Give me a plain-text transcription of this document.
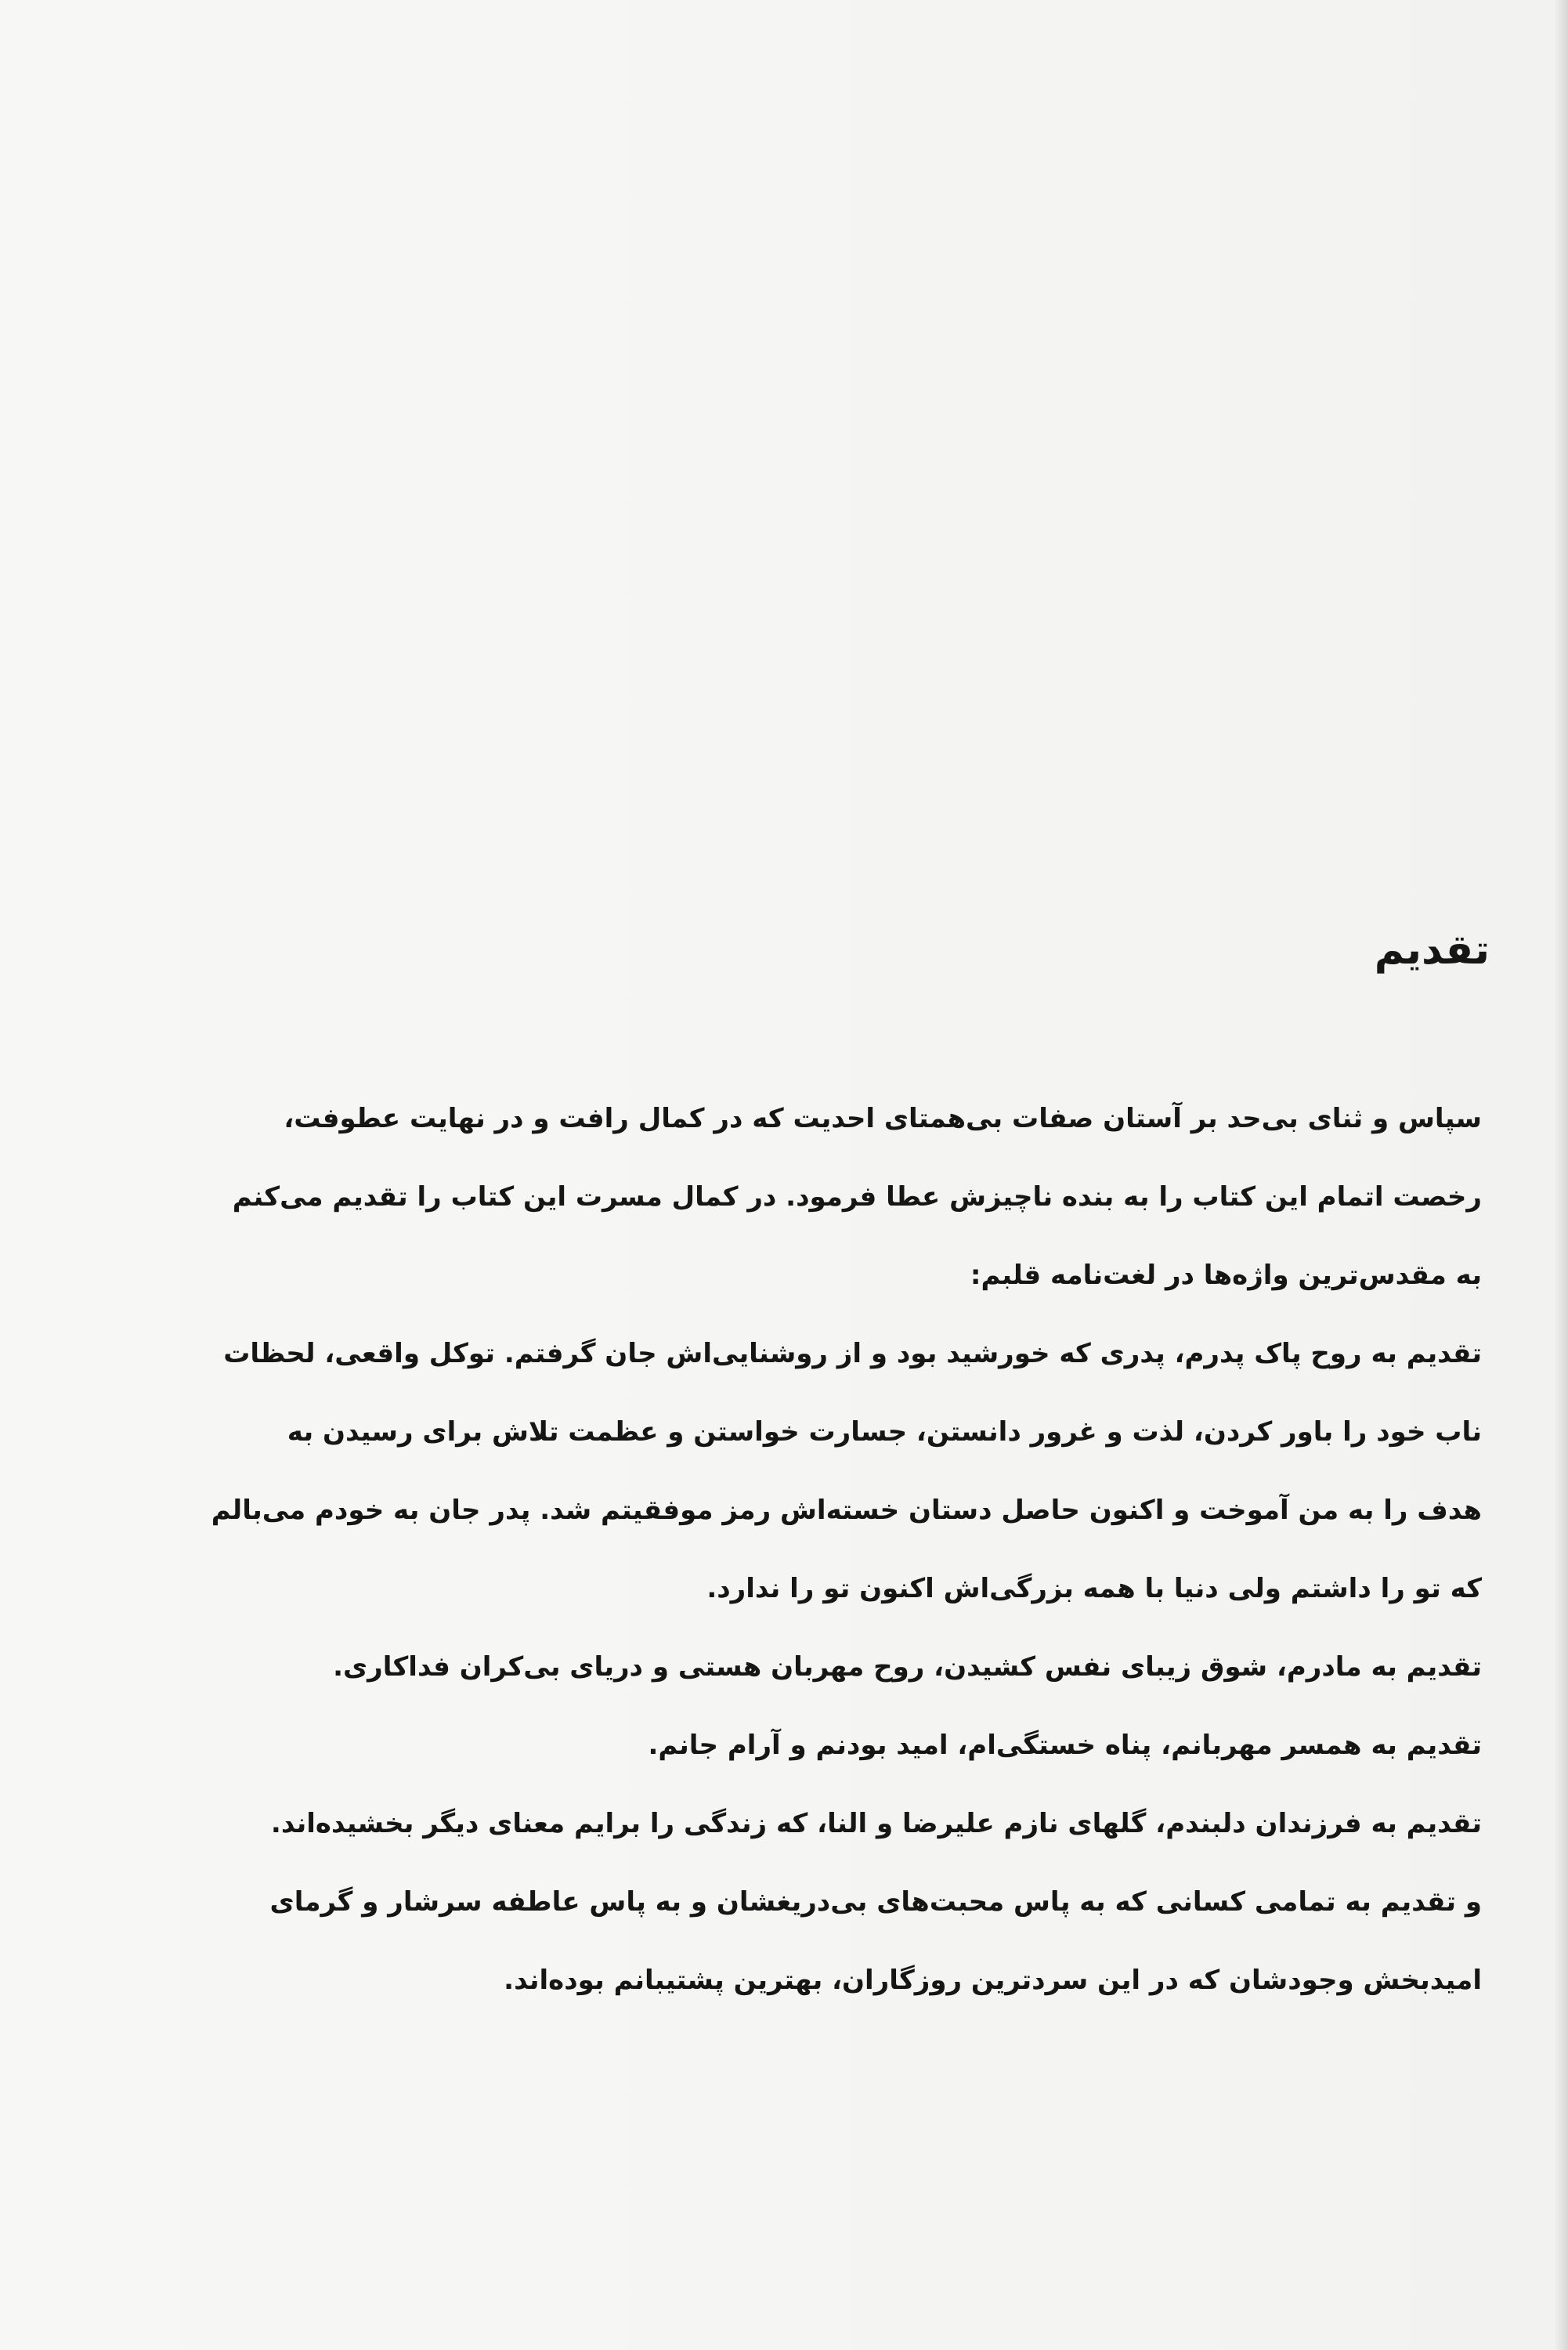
تقدیم
سپاس و ثنای بی‌حد بر آستان صفات بی‌همتای احدیت که در کمال رافت و در نهایت عطوفت،
رخصت اتمام این کتاب را به بنده ناچیزش عطا فرمود. در کمال مسرت این کتاب را تقدیم می‌کنم
به مقدس‌ترین واژه‌ها در لغت‌نامه قلبم:
تقدیم به روح پاک پدرم، پدری که خورشید بود و از روشنایی‌اش جان گرفتم. توکل واقعی، لحظات
ناب خود را باور کردن، لذت و غرور دانستن، جسارت خواستن و عظمت تلاش برای رسیدن به
هدف را به من آموخت و اکنون حاصل دستان خسته‌اش رمز موفقیتم شد. پدر جان به خودم می‌بالم
که تو را داشتم ولی دنیا با همه بزرگی‌اش اکنون تو را ندارد.
تقدیم به مادرم، شوق زیبای نفس کشیدن، روح مهربان هستی و دریای بی‌کران فداکاری.
تقدیم به همسر مهربانم، پناه خستگی‌ام، امید بودنم و آرام جانم.
تقدیم به فرزندان دلبندم، گلهای نازم علیرضا و النا، که زندگی را برایم معنای دیگر بخشیده‌اند.
و تقدیم به تمامی کسانی که به پاس محبت‌های بی‌دریغشان و به پاس عاطفه سرشار و گرمای
امیدبخش وجودشان که در این سردترین روزگاران، بهترین پشتیبانم بوده‌اند.
